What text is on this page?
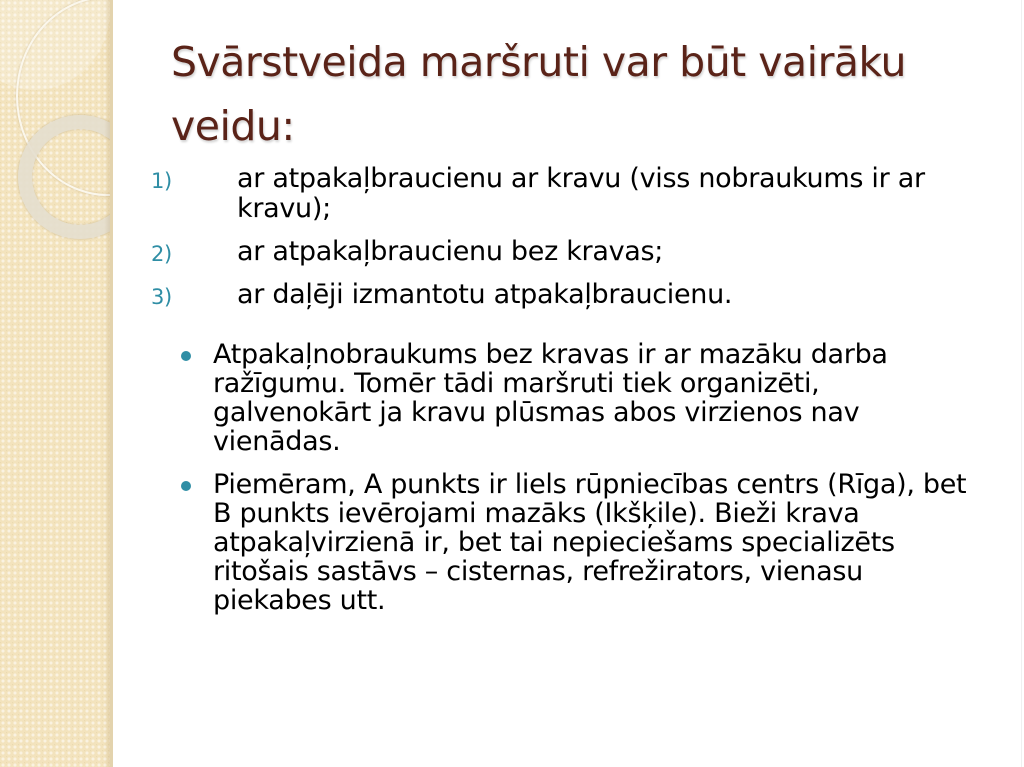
Svārstveida maršruti var būt vairāku veidu:
1)	ar atpakaļbraucienu ar kravu (viss nobraukums ir ar kravu);
2)	ar atpakaļbraucienu bez kravas;
3)	ar daļēji izmantotu atpakaļbraucienu.
Atpakaļnobraukums bez kravas ir ar mazāku darba ražīgumu. Tomēr tādi maršruti tiek organizēti, galvenokārt ja kravu plūsmas abos virzienos nav vienādas.
Piemēram, A punkts ir liels rūpniecības centrs (Rīga), bet B punkts ievērojami mazāks (Ikšķile). Bieži krava atpakaļvirzienā ir, bet tai nepieciešams specializēts ritošais sastāvs – cisternas, refrežirators, vienasu piekabes utt.
